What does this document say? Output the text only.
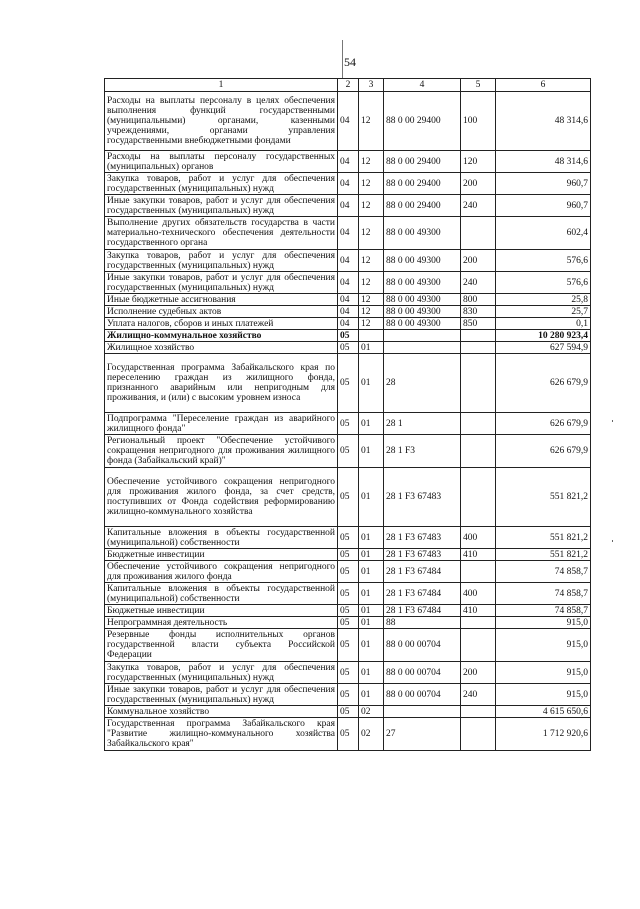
54
1	2	3	4	5	6
Расходы на выплаты персоналу в целях обеспечения выполнения функций государственными (муниципальными) органами, казенными учреждениями, органами управления государственными внебюджетными фондами	04	12	88 0 00 29400	100	48 314,6
Расходы на выплаты персоналу государственных (муниципальных) органов	04	12	88 0 00 29400	120	48 314,6
Закупка товаров, работ и услуг для обеспечения государственных (муниципальных) нужд	04	12	88 0 00 29400	200	960,7
Иные закупки товаров, работ и услуг для обеспечения государственных (муниципальных) нужд	04	12	88 0 00 29400	240	960,7
Выполнение других обязательств государства в части материально-технического обеспечения деятельности государственного органа	04	12	88 0 00 49300		602,4
Закупка товаров, работ и услуг для обеспечения государственных (муниципальных) нужд	04	12	88 0 00 49300	200	576,6
Иные закупки товаров, работ и услуг для обеспечения государственных (муниципальных) нужд	04	12	88 0 00 49300	240	576,6
Иные бюджетные ассигнования	04	12	88 0 00 49300	800	25,8
Исполнение судебных актов	04	12	88 0 00 49300	830	25,7
Уплата налогов, сборов и иных платежей	04	12	88 0 00 49300	850	0,1
Жилищно-коммунальное хозяйство	05				10 280 923,4
Жилищное хозяйство	05	01			627 594,9
Государственная программа Забайкальского края по переселению граждан из жилищного фонда, признанного аварийным или непригодным для проживания, и (или) с высоким уровнем износа	05	01	28		626 679,9
Подпрограмма "Переселение граждан из аварийного жилищного фонда"	05	01	28 1		626 679,9
Региональный проект "Обеспечение устойчивого сокращения непригодного для проживания жилищного фонда (Забайкальский край)"	05	01	28 1 F3		626 679,9
Обеспечение устойчивого сокращения непригодного для проживания жилого фонда, за счет средств, поступивших от Фонда содействия реформированию жилищно-коммунального хозяйства	05	01	28 1 F3 67483		551 821,2
Капитальные вложения в объекты государственной (муниципальной) собственности	05	01	28 1 F3 67483	400	551 821,2
Бюджетные инвестиции	05	01	28 1 F3 67483	410	551 821,2
Обеспечение устойчивого сокращения непригодного для проживания жилого фонда	05	01	28 1 F3 67484		74 858,7
Капитальные вложения в объекты государственной (муниципальной) собственности	05	01	28 1 F3 67484	400	74 858,7
Бюджетные инвестиции	05	01	28 1 F3 67484	410	74 858,7
Непрограммная деятельность	05	01	88		915,0
Резервные фонды исполнительных органов государственной власти субъекта Российской Федерации	05	01	88 0 00 00704		915,0
Закупка товаров, работ и услуг для обеспечения государственных (муниципальных) нужд	05	01	88 0 00 00704	200	915,0
Иные закупки товаров, работ и услуг для обеспечения государственных (муниципальных) нужд	05	01	88 0 00 00704	240	915,0
Коммунальное хозяйство	05	02			4 615 650,6
Государственная программа Забайкальского края "Развитие жилищно-коммунального хозяйства Забайкальского края"	05	02	27		1 712 920,6
